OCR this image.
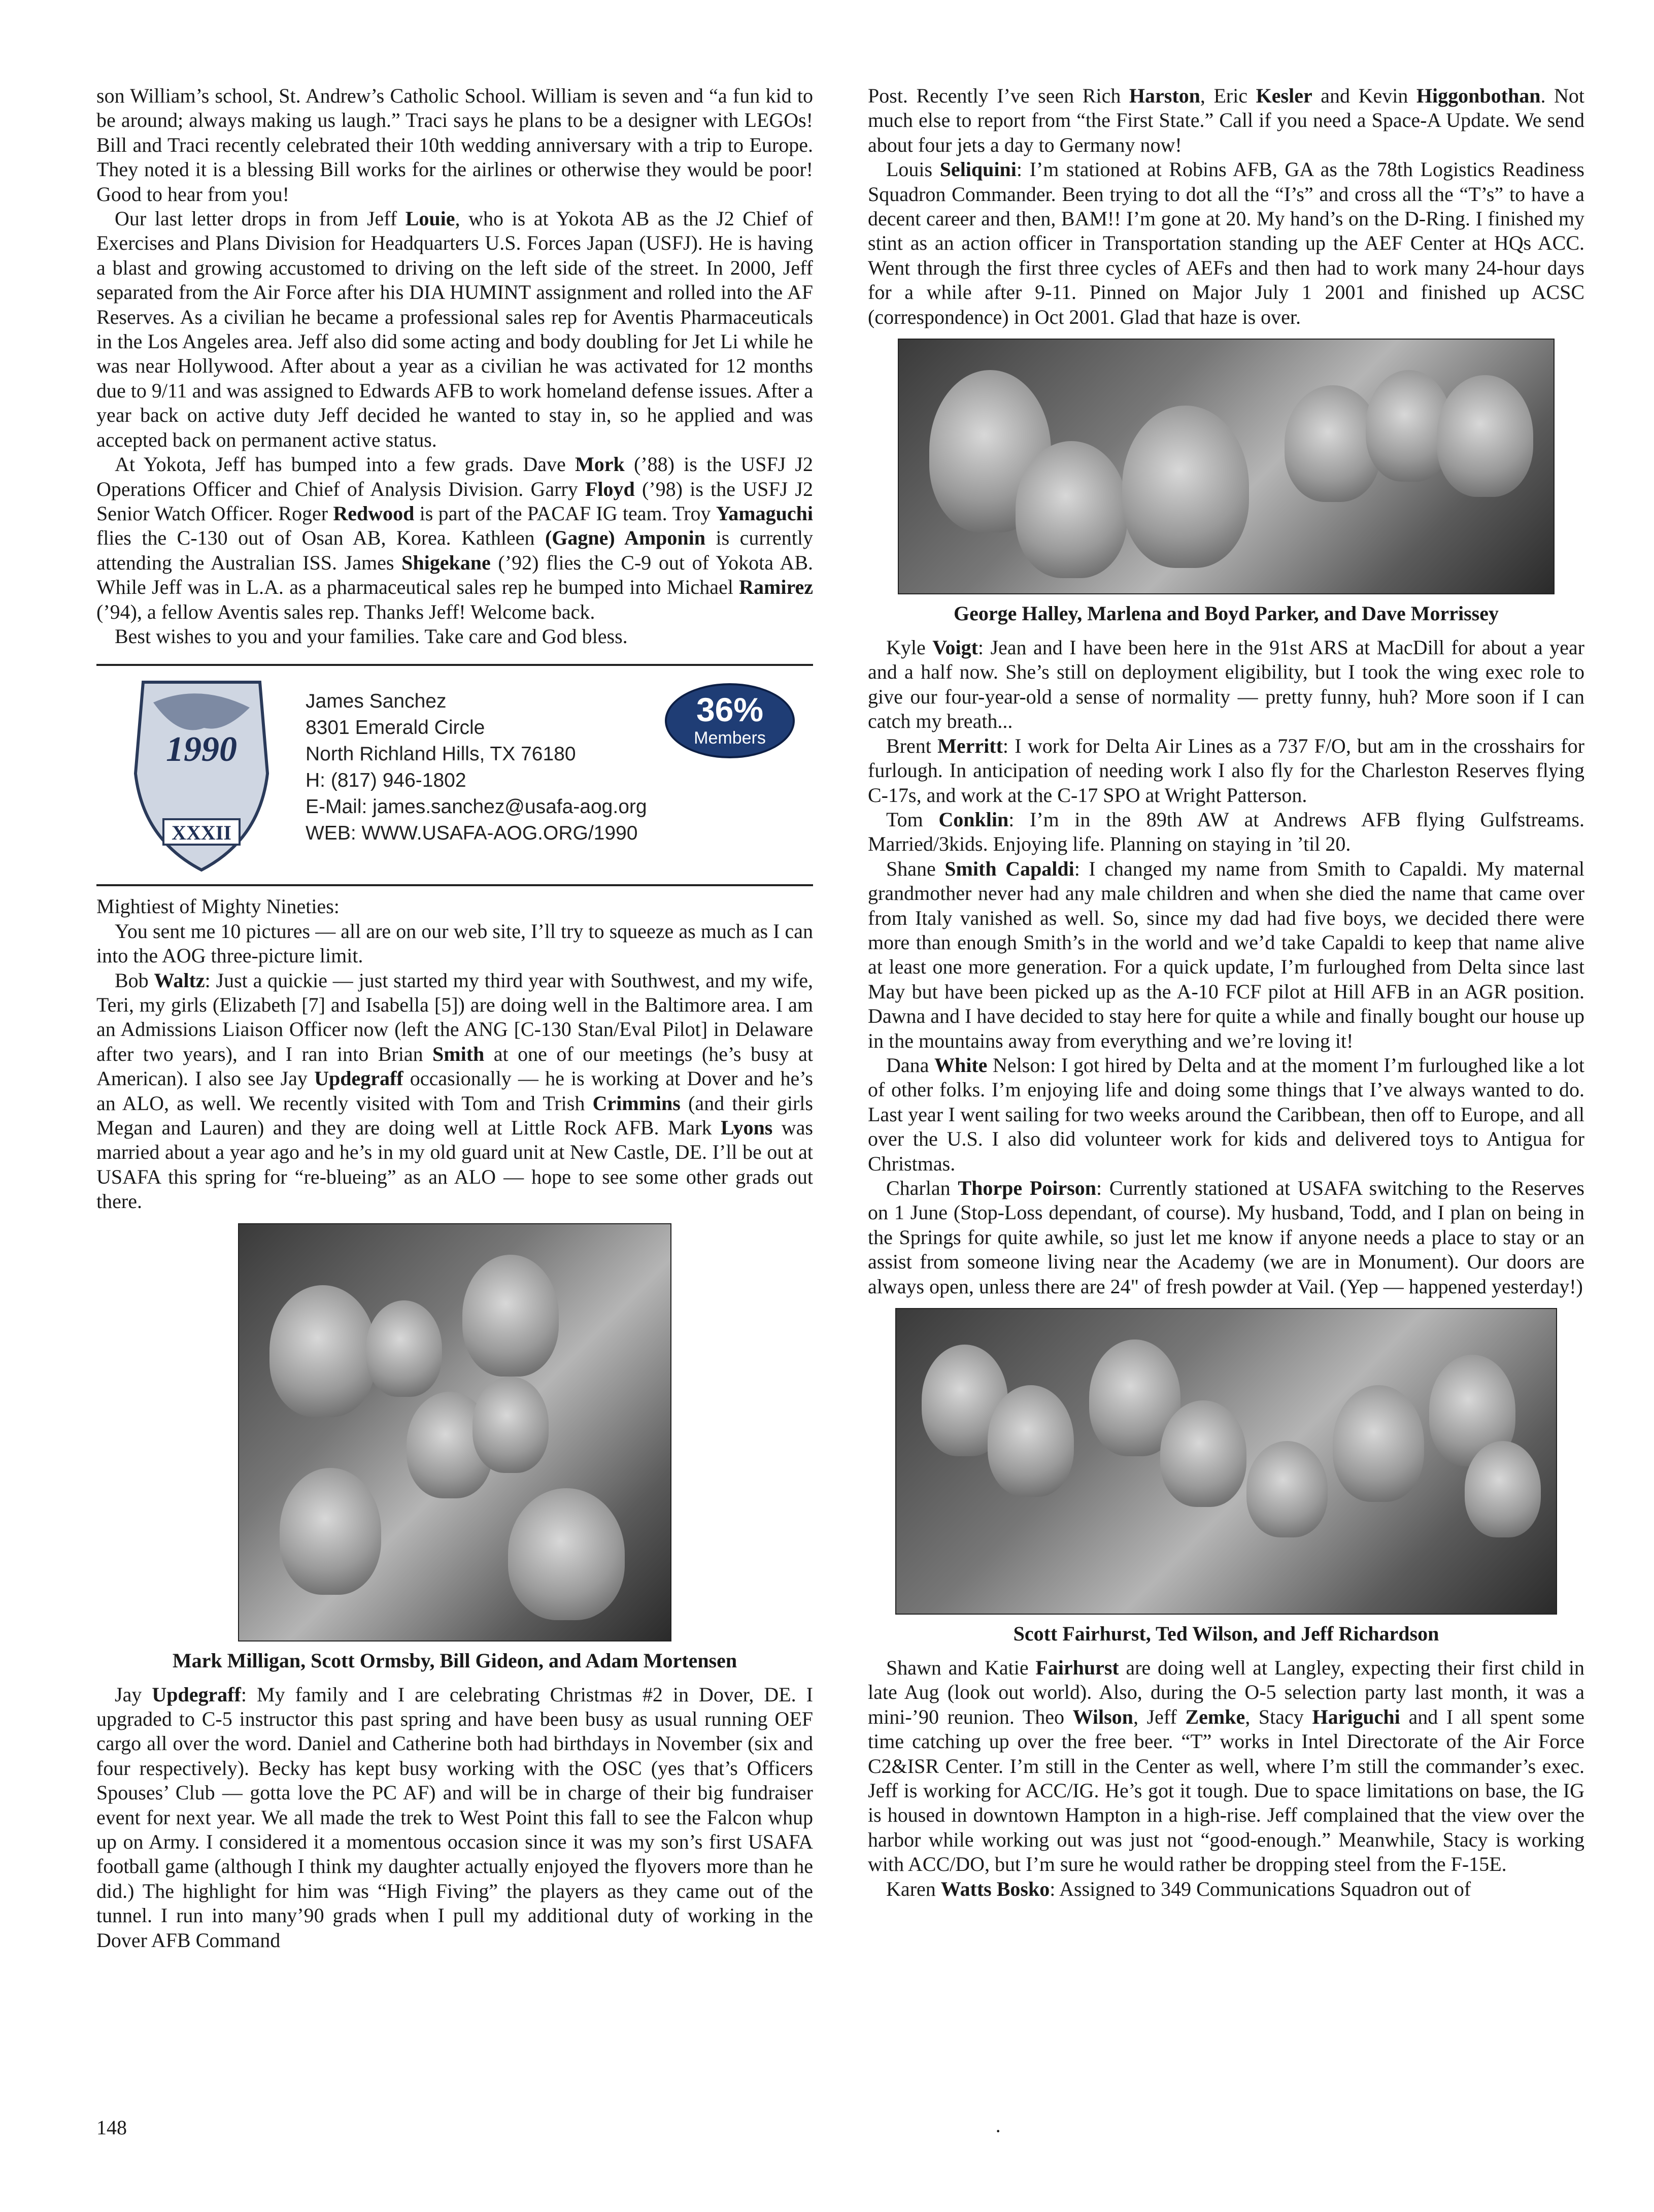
son William’s school, St. Andrew’s Catholic School. William is seven and “a fun kid to be around; always making us laugh.” Traci says he plans to be a designer with LEGOs! Bill and Traci recently celebrated their 10th wedding anniversary with a trip to Europe. They noted it is a blessing Bill works for the airlines or otherwise they would be poor! Good to hear from you!

Our last letter drops in from Jeff Louie, who is at Yokota AB as the J2 Chief of Exercises and Plans Division for Headquarters U.S. Forces Japan (USFJ). He is having a blast and growing accustomed to driving on the left side of the street. In 2000, Jeff separated from the Air Force after his DIA HUMINT assignment and rolled into the AF Reserves. As a civilian he became a professional sales rep for Aventis Pharmaceuticals in the Los Angeles area. Jeff also did some acting and body doubling for Jet Li while he was near Hollywood. After about a year as a civilian he was activated for 12 months due to 9/11 and was assigned to Edwards AFB to work homeland defense issues. After a year back on active duty Jeff decided he wanted to stay in, so he applied and was accepted back on permanent active status.

At Yokota, Jeff has bumped into a few grads. Dave Mork (’88) is the USFJ J2 Operations Officer and Chief of Analysis Division. Garry Floyd (’98) is the USFJ J2 Senior Watch Officer. Roger Redwood is part of the PACAF IG team. Troy Yamaguchi flies the C-130 out of Osan AB, Korea. Kathleen (Gagne) Amponin is currently attending the Australian ISS. James Shigekane (’92) flies the C-9 out of Yokota AB. While Jeff was in L.A. as a pharmaceutical sales rep he bumped into Michael Ramirez (’94), a fellow Aventis sales rep. Thanks Jeff! Welcome back.

Best wishes to you and your families. Take care and God bless.

1990
XXXII
James Sanchez
8301 Emerald Circle
North Richland Hills, TX 76180
H: (817) 946-1802
E-Mail: james.sanchez@usafa-aog.org
WEB: WWW.USAFA-AOG.ORG/1990
36%
Members

Mightiest of Mighty Nineties:

You sent me 10 pictures — all are on our web site, I’ll try to squeeze as much as I can into the AOG three-picture limit.

Bob Waltz: Just a quickie — just started my third year with Southwest, and my wife, Teri, my girls (Elizabeth [7] and Isabella [5]) are doing well in the Baltimore area. I am an Admissions Liaison Officer now (left the ANG [C-130 Stan/Eval Pilot] in Delaware after two years), and I ran into Brian Smith at one of our meetings (he’s busy at American). I also see Jay Updegraff occasionally — he is working at Dover and he’s an ALO, as well. We recently visited with Tom and Trish Crimmins (and their girls Megan and Lauren) and they are doing well at Little Rock AFB. Mark Lyons was married about a year ago and he’s in my old guard unit at New Castle, DE. I’ll be out at USAFA this spring for “re-blueing” as an ALO — hope to see some other grads out there.

Mark Milligan, Scott Ormsby, Bill Gideon, and Adam Mortensen

Jay Updegraff: My family and I are celebrating Christmas #2 in Dover, DE. I upgraded to C-5 instructor this past spring and have been busy as usual running OEF cargo all over the word. Daniel and Catherine both had birthdays in November (six and four respectively). Becky has kept busy working with the OSC (yes that’s Officers Spouses’ Club — gotta love the PC AF) and will be in charge of their big fundraiser event for next year. We all made the trek to West Point this fall to see the Falcon whup up on Army. I considered it a momentous occasion since it was my son’s first USAFA football game (although I think my daughter actually enjoyed the flyovers more than he did.) The highlight for him was “High Fiving” the players as they came out of the tunnel. I run into many’90 grads when I pull my additional duty of working in the Dover AFB Command

Post. Recently I’ve seen Rich Harston, Eric Kesler and Kevin Higgonbothan. Not much else to report from “the First State.” Call if you need a Space-A Update. We send about four jets a day to Germany now!

Louis Seliquini: I’m stationed at Robins AFB, GA as the 78th Logistics Readiness Squadron Commander. Been trying to dot all the “I’s” and cross all the “T’s” to have a decent career and then, BAM!! I’m gone at 20. My hand’s on the D-Ring. I finished my stint as an action officer in Transportation standing up the AEF Center at HQs ACC. Went through the first three cycles of AEFs and then had to work many 24-hour days for a while after 9-11. Pinned on Major July 1 2001 and finished up ACSC (correspondence) in Oct 2001. Glad that haze is over.

George Halley, Marlena and Boyd Parker, and Dave Morrissey

Kyle Voigt: Jean and I have been here in the 91st ARS at MacDill for about a year and a half now. She’s still on deployment eligibility, but I took the wing exec role to give our four-year-old a sense of normality — pretty funny, huh? More soon if I can catch my breath...

Brent Merritt: I work for Delta Air Lines as a 737 F/O, but am in the crosshairs for furlough. In anticipation of needing work I also fly for the Charleston Reserves flying C-17s, and work at the C-17 SPO at Wright Patterson.

Tom Conklin: I’m in the 89th AW at Andrews AFB flying Gulfstreams. Married/3kids. Enjoying life. Planning on staying in ’til 20.

Shane Smith Capaldi: I changed my name from Smith to Capaldi. My maternal grandmother never had any male children and when she died the name that came over from Italy vanished as well. So, since my dad had five boys, we decided there were more than enough Smith’s in the world and we’d take Capaldi to keep that name alive at least one more generation. For a quick update, I’m furloughed from Delta since last May but have been picked up as the A-10 FCF pilot at Hill AFB in an AGR position. Dawna and I have decided to stay here for quite a while and finally bought our house up in the mountains away from everything and we’re loving it!

Dana White Nelson: I got hired by Delta and at the moment I’m furloughed like a lot of other folks. I’m enjoying life and doing some things that I’ve always wanted to do. Last year I went sailing for two weeks around the Caribbean, then off to Europe, and all over the U.S. I also did volunteer work for kids and delivered toys to Antigua for Christmas.

Charlan Thorpe Poirson: Currently stationed at USAFA switching to the Reserves on 1 June (Stop-Loss dependant, of course). My husband, Todd, and I plan on being in the Springs for quite awhile, so just let me know if anyone needs a place to stay or an assist from someone living near the Academy (we are in Monument). Our doors are always open, unless there are 24" of fresh powder at Vail. (Yep — happened yesterday!)

Scott Fairhurst, Ted Wilson, and Jeff Richardson

Shawn and Katie Fairhurst are doing well at Langley, expecting their first child in late Aug (look out world). Also, during the O-5 selection party last month, it was a mini-’90 reunion. Theo Wilson, Jeff Zemke, Stacy Hariguchi and I all spent some time catching up over the free beer. “T” works in Intel Directorate of the Air Force C2&ISR Center. I’m still in the Center as well, where I’m still the commander’s exec. Jeff is working for ACC/IG. He’s got it tough. Due to space limitations on base, the IG is housed in downtown Hampton in a high-rise. Jeff complained that the view over the harbor while working out was just not “good-enough.” Meanwhile, Stacy is working with ACC/DO, but I’m sure he would rather be dropping steel from the F-15E.

Karen Watts Bosko: Assigned to 349 Communications Squadron out of

148	·
